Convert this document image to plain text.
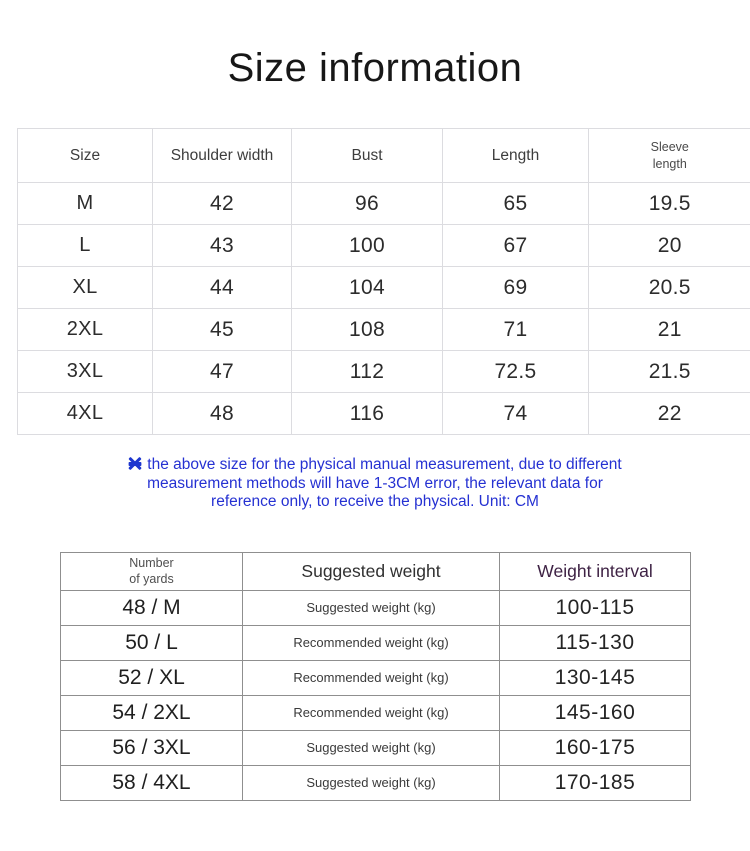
Size information
Size	Shoulder width	Bust	Length	Sleeve
length
M	42	96	65	19.5
L	43	100	67	20
XL	44	104	69	20.5
2XL	45	108	71	21
3XL	47	112	72.5	21.5
4XL	48	116	74	22
the above size for the physical manual measurement, due to different
measurement methods will have 1-3CM error, the relevant data for
reference only, to receive the physical. Unit: CM
Number
of yards	Suggested weight	Weight interval
48 / M	Suggested weight (kg)	100-115
50 / L	Recommended weight (kg)	115-130
52 / XL	Recommended weight (kg)	130-145
54 / 2XL	Recommended weight (kg)	145-160
56 / 3XL	Suggested weight (kg)	160-175
58 / 4XL	Suggested weight (kg)	170-185
